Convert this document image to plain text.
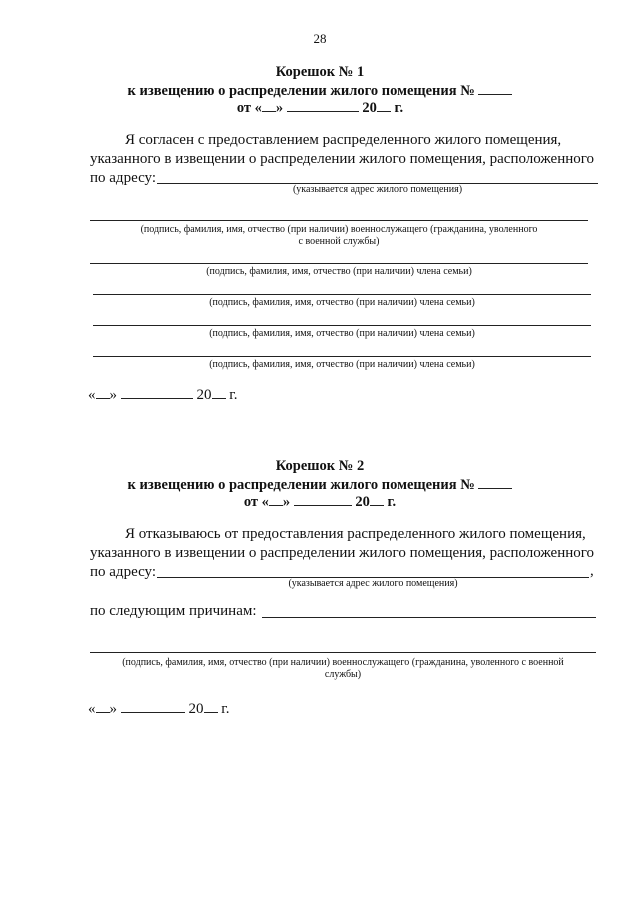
28
Корешок № 1
к извещению о распределении жилого помещения №
от « »	20 г.
Я согласен с предоставлением распределенного жилого помещения,
указанного в извещении о распределении жилого помещения, расположенного
по адресу:
(указывается адрес жилого помещения)
(подпись, фамилия, имя, отчество (при наличии) военнослужащего (гражданина, уволенного
с военной службы)
(подпись, фамилия, имя, отчество (при наличии) члена семьи)
(подпись, фамилия, имя, отчество (при наличии) члена семьи)
(подпись, фамилия, имя, отчество (при наличии) члена семьи)
(подпись, фамилия, имя, отчество (при наличии) члена семьи)
« »	20 г.
Корешок № 2
к извещению о распределении жилого помещения №
от « »	20 г.
Я отказываюсь от предоставления распределенного жилого помещения,
указанного в извещении о распределении жилого помещения, расположенного
по адресу:	,
(указывается адрес жилого помещения)
по следующим причинам:
(подпись, фамилия, имя, отчество (при наличии) военнослужащего (гражданина, уволенного с военной
службы)
« »	20 г.
